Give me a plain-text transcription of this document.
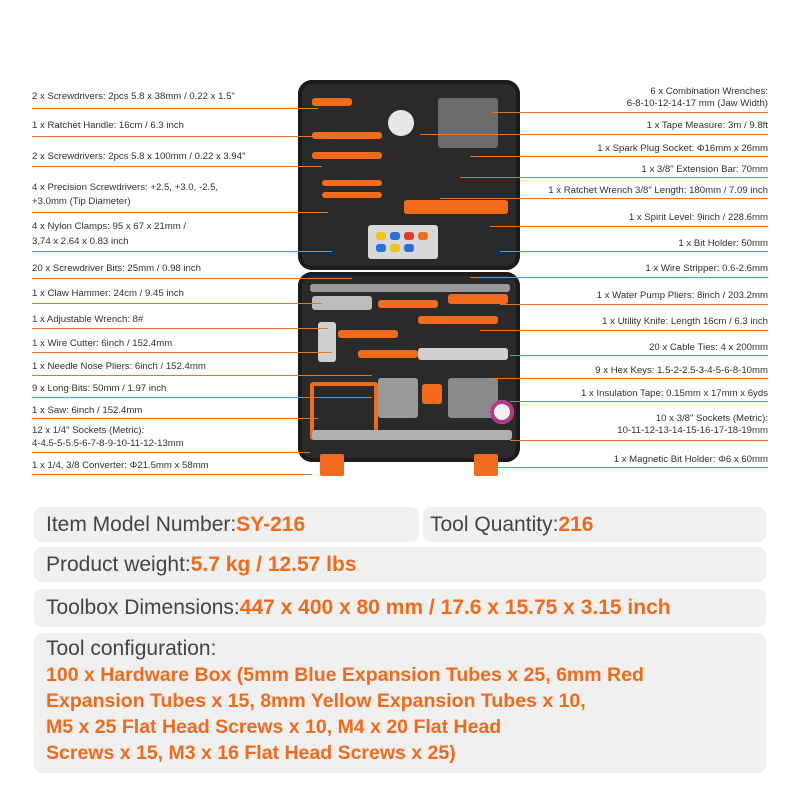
2 x Screwdrivers: 2pcs 5.8 x 38mm / 0.22 x 1.5"
1 x Ratchet Handle: 16cm / 6.3 inch
2 x Screwdrivers: 2pcs 5.8 x 100mm / 0.22 x 3.94"
4 x Precision Screwdrivers: +2.5, +3.0, -2.5,
+3.0mm (Tip Diameter)
4 x Nylon Clamps: 95 x 67 x 21mm /
3.74 x 2.64 x 0.83 inch
20 x Screwdriver Bits: 25mm / 0.98 inch
1 x Claw Hammer: 24cm / 9.45 inch
1 x Adjustable Wrench: 8#
1 x Wire Cutter: 6inch / 152.4mm
1 x Needle Nose Pliers: 6inch / 152.4mm
9 x Long Bits: 50mm / 1.97 inch
1 x Saw: 6inch / 152.4mm
12 x 1/4" Sockets (Metric):
4-4.5-5-5.5-6-7-8-9-10-11-12-13mm
1 x 1/4, 3/8 Converter: Φ21.5mm x 58mm
6 x Combination Wrenches:
6-8-10-12-14-17 mm (Jaw Width)
1 x Tape Measure: 3m / 9.8ft
1 x Spark Plug Socket: Φ16mm x 26mm
1 x 3/8" Extension Bar: 70mm
1 x Ratchet Wrench 3/8" Length: 180mm / 7.09 inch
1 x Spirit Level: 9inch / 228.6mm
1 x Bit Holder: 50mm
1 x Wire Stripper: 0.6-2.6mm
1 x Water Pump Pliers: 8inch / 203.2mm
1 x Utility Knife: Length 16cm / 6.3 inch
20 x Cable Ties: 4 x 200mm
9 x Hex Keys: 1.5-2-2.5-3-4-5-6-8-10mm
1 x Insulation Tape: 0.15mm x 17mm x 6yds
10 x 3/8" Sockets (Metric):
10-11-12-13-14-15-16-17-18-19mm
1 x Magnetic Bit Holder: Φ6 x 60mm
Item Model Number:SY-216	Tool Quantity:216
Product weight:5.7 kg / 12.57 lbs
Toolbox Dimensions:447 x 400 x 80 mm / 17.6 x 15.75 x 3.15 inch
Tool configuration:
100 x Hardware Box (5mm Blue Expansion Tubes x 25, 6mm Red
Expansion Tubes x 15, 8mm Yellow Expansion Tubes x 10,
M5 x 25 Flat Head Screws x 10, M4 x 20 Flat Head
Screws x 15, M3 x 16 Flat Head Screws x 25)
